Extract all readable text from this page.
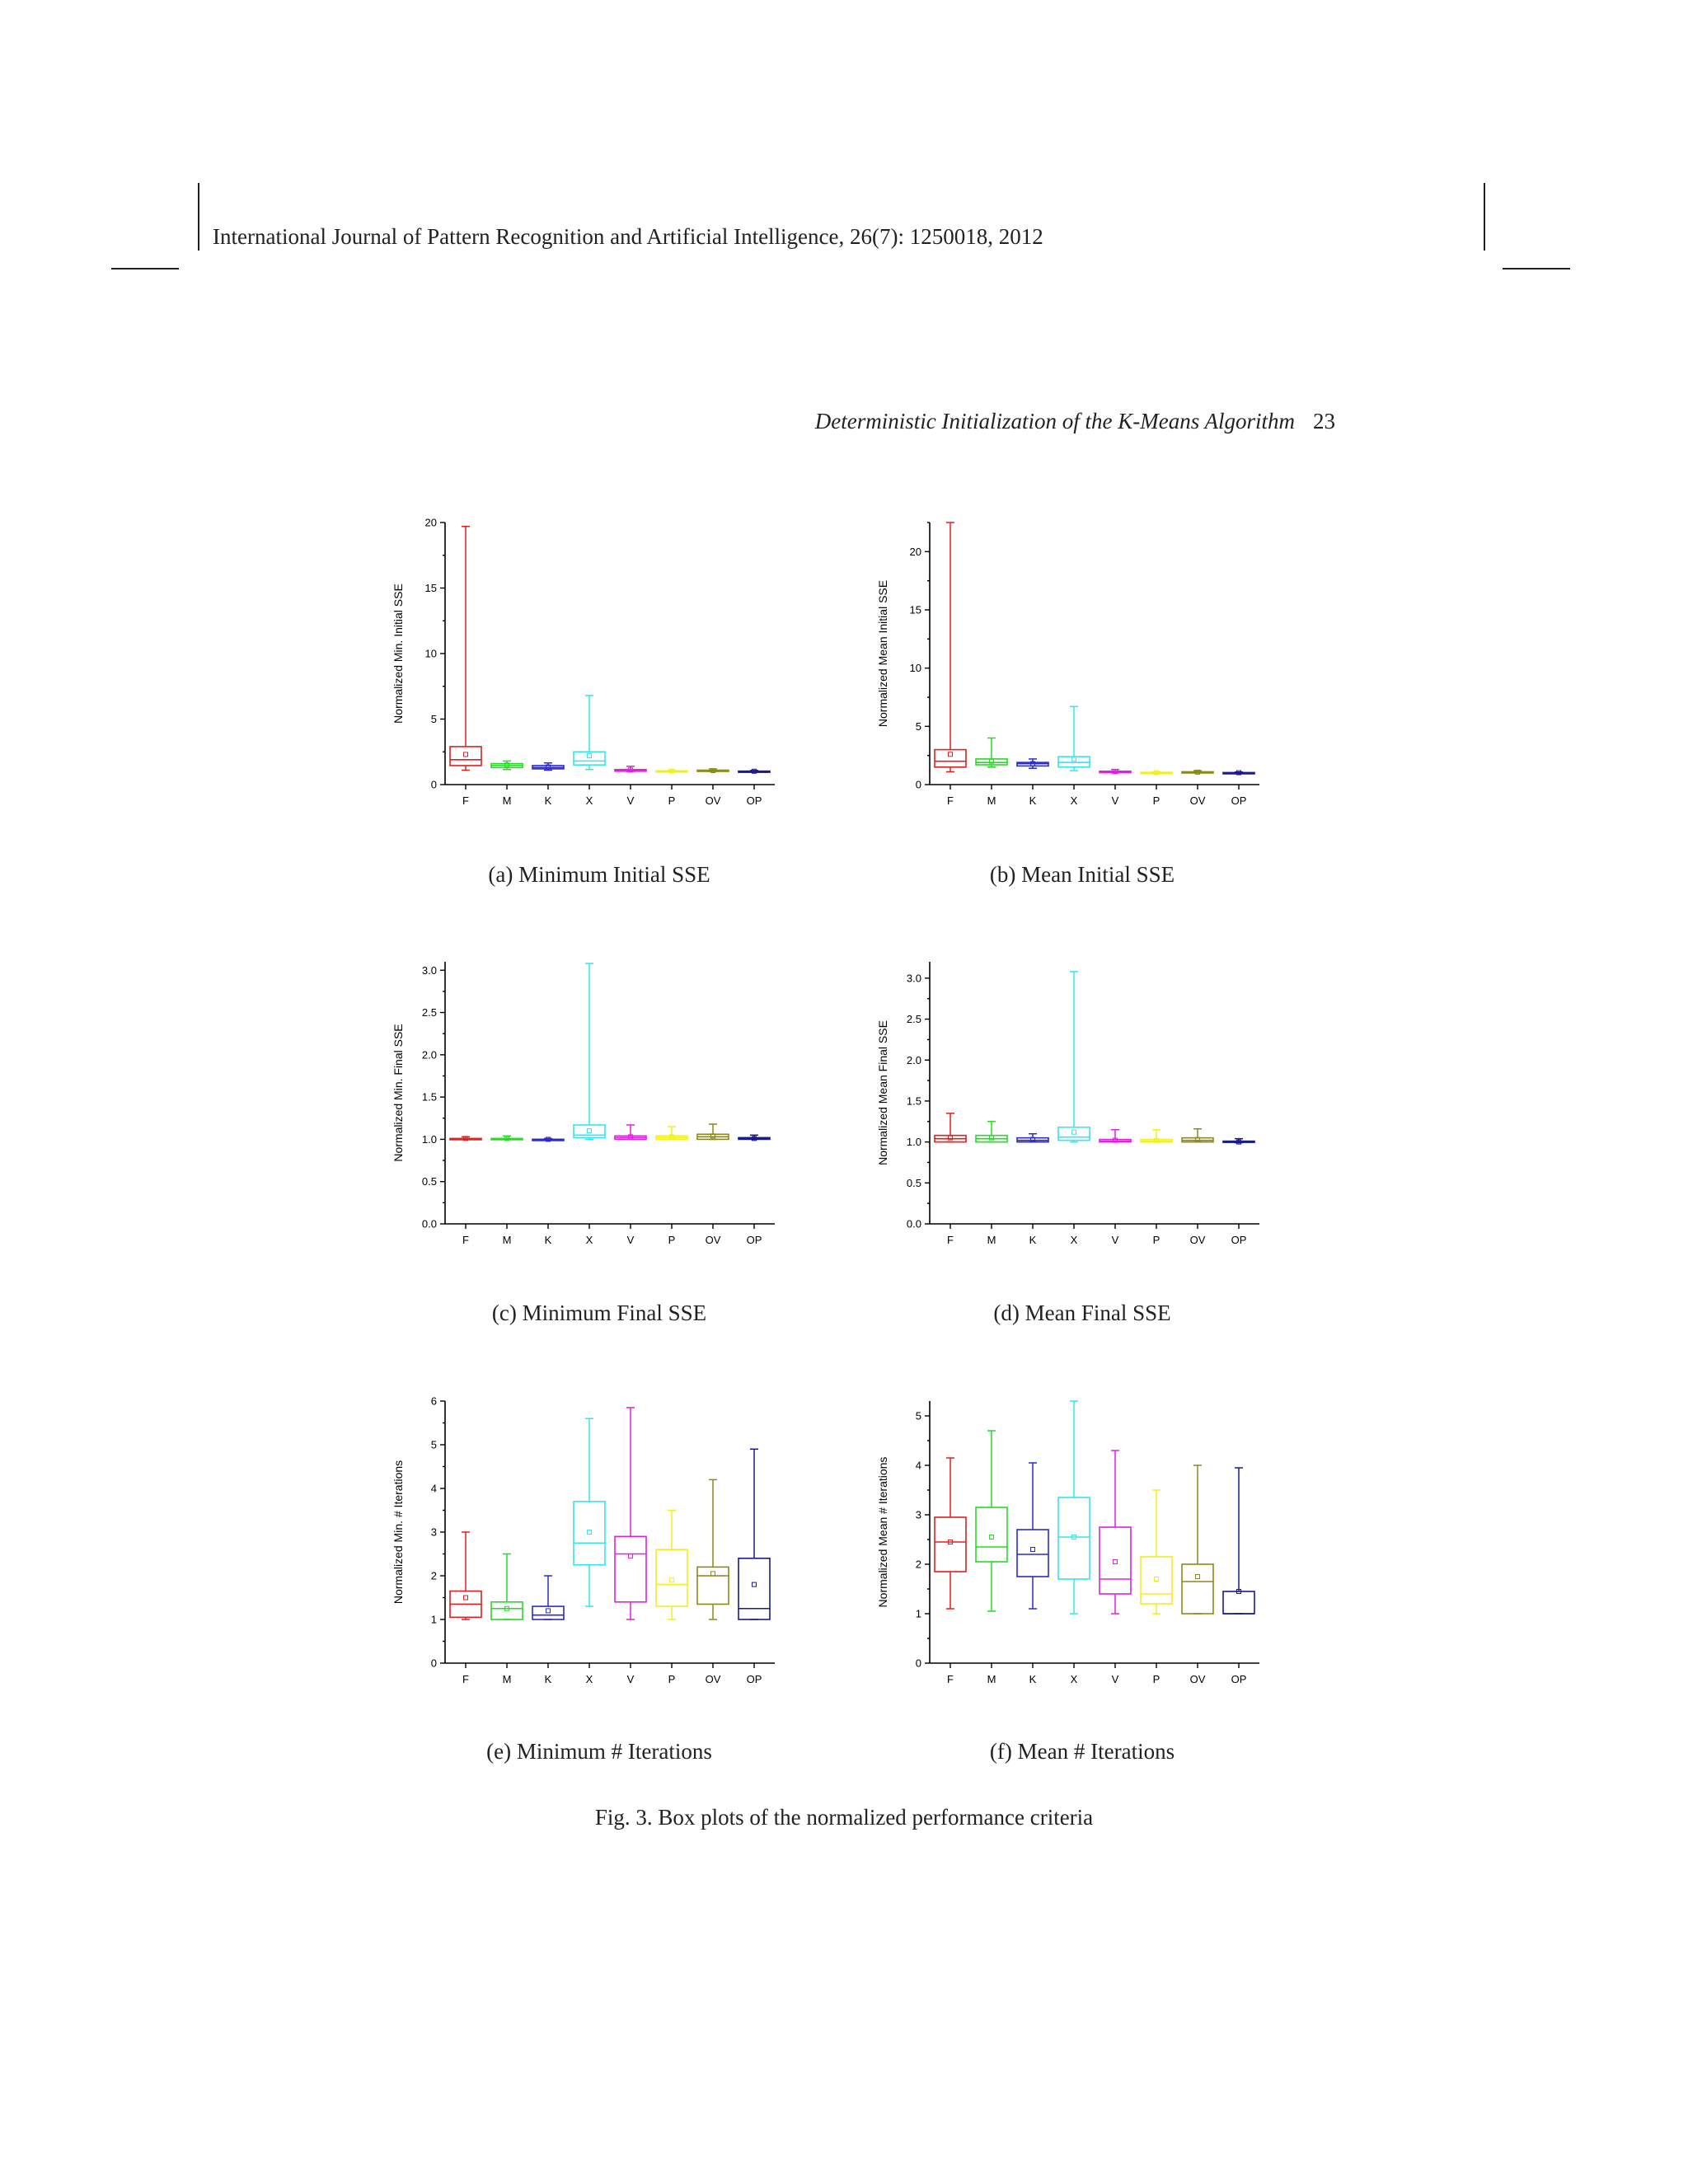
International Journal of Pattern Recognition and Artificial Intelligence, 26(7): 1250018, 2012
Deterministic Initialization of the K-Means Algorithm 23
0
5
10
15
20
Normalized Min. Initial SSE
F	M	K	X	V	P	OV OP
(a) Minimum Initial SSE
0
5
10
15
20
Normalized Mean Initial SSE
F	M	K	X	V	P	OV OP
(b) Mean Initial SSE
0.0
0.5
1.0
1.5
2.0
2.5
3.0
Normalized Min. Final SSE
F	M	K	X	V	P	OV OP
(c) Minimum Final SSE
0.0
0.5
1.0
1.5
2.0
2.5
3.0
Normalized Mean Final SSE
F	M	K	X	V	P	OV OP
(d) Mean Final SSE
0
1
2
3
4
5
6
Normalized Min. # Iterations
F	M	K	X	V	P	OV OP
(e) Minimum # Iterations
0
1
2
3
4
5
Normalized Mean # Iterations
F	M	K	X	V	P	OV OP
(f) Mean # Iterations
Fig. 3. Box plots of the normalized performance criteria
